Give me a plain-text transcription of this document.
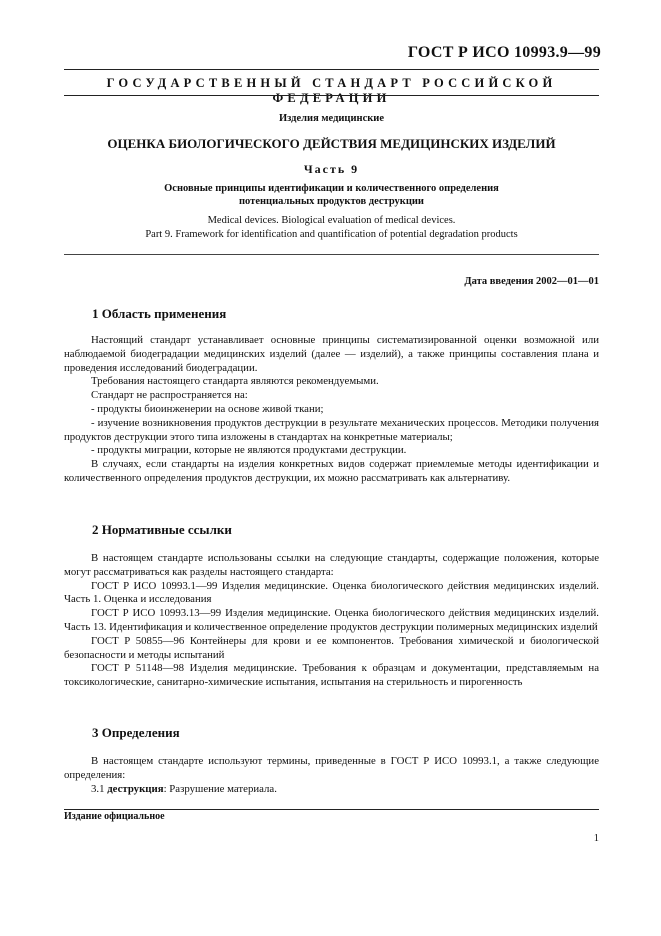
ГОСТ Р ИСО 10993.9—99
ГОСУДАРСТВЕННЫЙ СТАНДАРТ РОССИЙСКОЙ ФЕДЕРАЦИИ
Изделия медицинские
ОЦЕНКА БИОЛОГИЧЕСКОГО ДЕЙСТВИЯ МЕДИЦИНСКИХ ИЗДЕЛИЙ
Часть 9
Основные принципы идентификации и количественного определения потенциальных продуктов деструкции
Medical devices. Biological evaluation of medical devices.
Part 9. Framework for identification and quantification of potential degradation products
Дата введения 2002—01—01
1 Область применения

Настоящий стандарт устанавливает основные принципы систематизированной оценки возможной или наблюдаемой биодеградации медицинских изделий (далее — изделий), а также принципы составления плана и проведения исследований биодеградации.

Требования настоящего стандарта являются рекомендуемыми.

Стандарт не распространяется на:

- продукты биоинженерии на основе живой ткани;

- изучение возникновения продуктов деструкции в результате механических процессов. Методики получения продуктов деструкции этого типа изложены в стандартах на конкретные материалы;

- продукты миграции, которые не являются продуктами деструкции.

В случаях, если стандарты на изделия конкретных видов содержат приемлемые методы идентификации и количественного определения продуктов деструкции, их можно рассматривать как альтернативу.

2 Нормативные ссылки

В настоящем стандарте использованы ссылки на следующие стандарты, содержащие положения, которые могут рассматриваться как разделы настоящего стандарта:

ГОСТ Р ИСО 10993.1—99 Изделия медицинские. Оценка биологического действия медицинских изделий. Часть 1. Оценка и исследования

ГОСТ Р ИСО 10993.13—99 Изделия медицинские. Оценка биологического действия медицинских изделий. Часть 13. Идентификация и количественное определение продуктов деструкции полимерных медицинских изделий

ГОСТ Р 50855—96 Контейнеры для крови и ее компонентов. Требования химической и биологической безопасности и методы испытаний

ГОСТ Р 51148—98 Изделия медицинские. Требования к образцам и документации, представляемым на токсикологические, санитарно-химические испытания, испытания на стерильность и пирогенность

3 Определения

В настоящем стандарте используют термины, приведенные в ГОСТ Р ИСО 10993.1, а также следующие определения:

3.1 деструкция: Разрушение материала.

Издание официальное
1
